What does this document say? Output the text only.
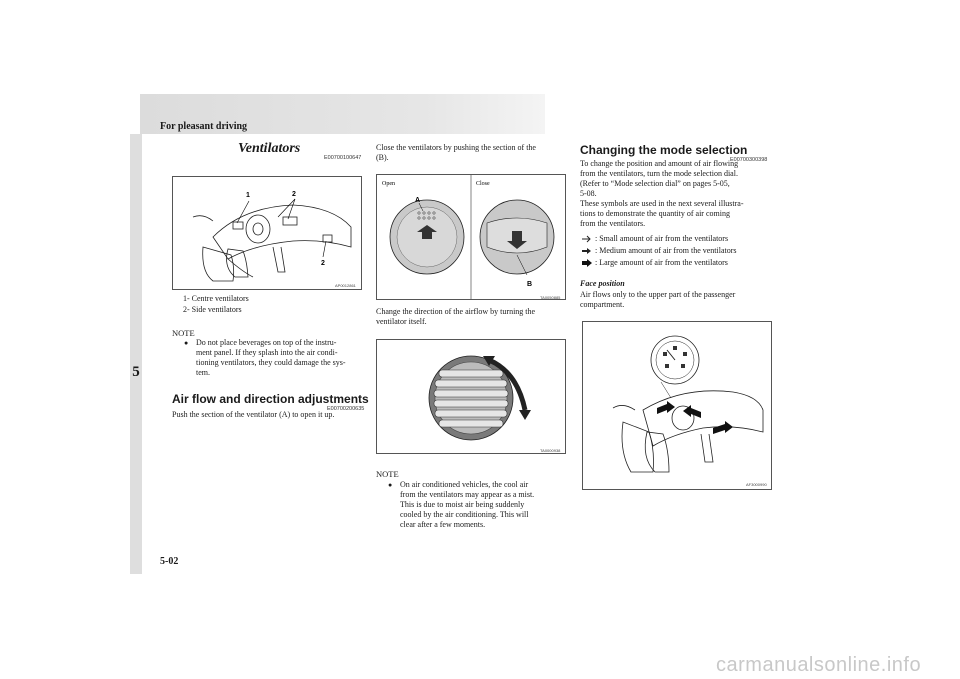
For pleasant driving
5
5-02
Ventilators
E00700100647
1	2
2
AP0012861
1- Centre ventilators
2- Side ventilators
NOTE
● Do not place beverages on top of the instru-
ment panel. If they splash into the air condi-
tioning ventilators, they could damage the sys-
tem.
Air flow and direction adjustments
E00700200635
Push the section of the ventilator (A) to open it up.
Close the ventilators by pushing the section of the
(B).
Open	Close
A
B
TA0050885
Change the direction of the airflow by turning the
ventilator itself.
TA0000938
NOTE
● On air conditioned vehicles, the cool air
from the ventilators may appear as a mist.
This is due to moist air being suddenly
cooled by the air conditioning. This will
clear after a few moments.
Changing the mode selection
E00700300398
To change the position and amount of air flowing
from the ventilators, turn the mode selection dial.
(Refer to “Mode selection dial” on pages 5-05,
5-08.
These symbols are used in the next several illustra-
tions to demonstrate the quantity of air coming
from the ventilators.
: Small amount of air from the ventilators
: Medium amount of air from the ventilators
: Large amount of air from the ventilators
Face position
Air flows only to the upper part of the passenger
compartment.
AF3000990
carmanualsonline.info
